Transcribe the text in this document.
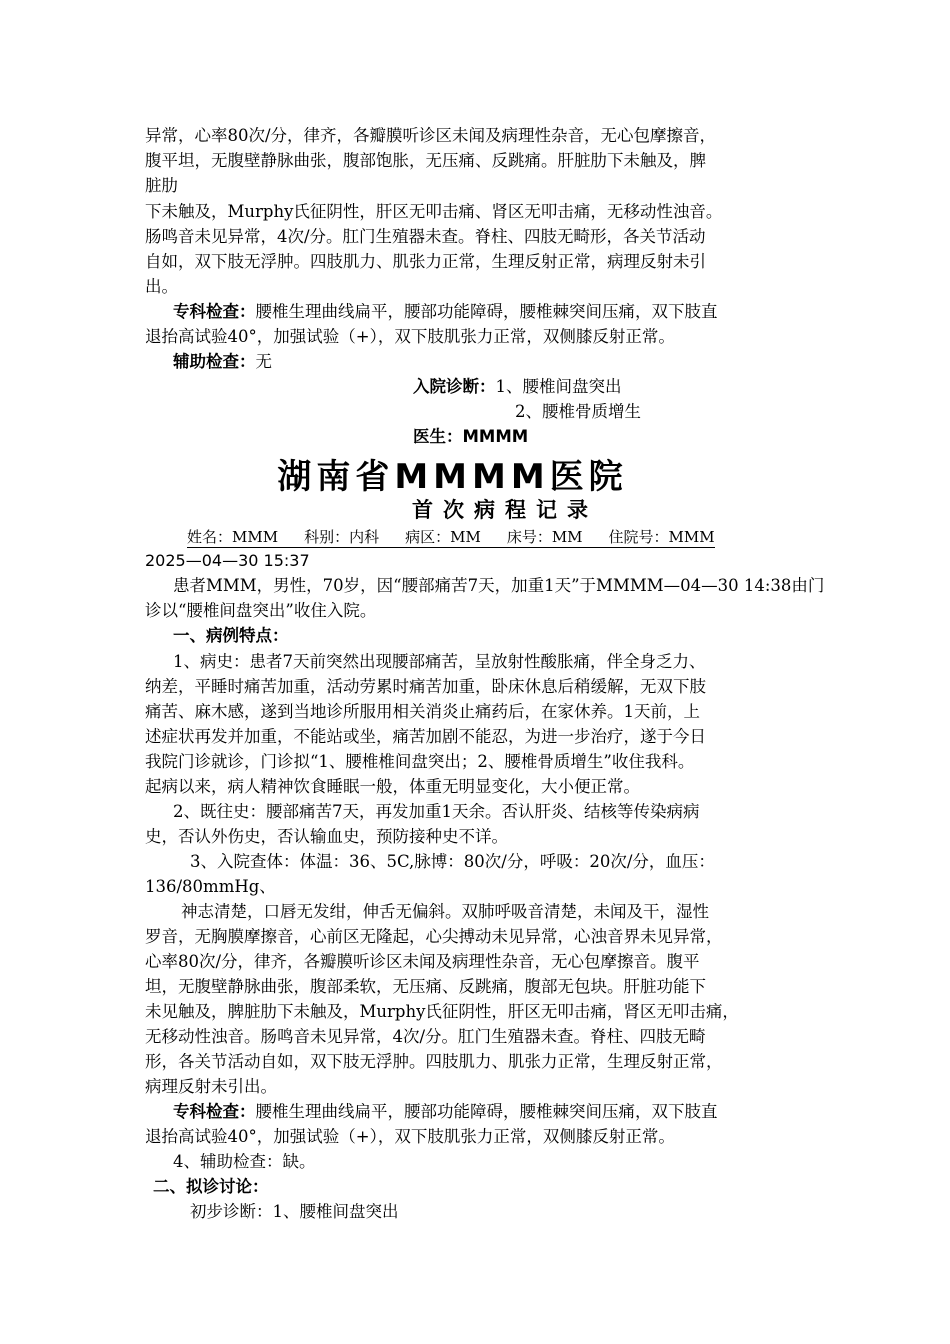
异常，心率80次/分，律齐，各瓣膜听诊区未闻及病理性杂音，无心包摩擦音，
腹平坦，无腹壁静脉曲张，腹部饱胀，无压痛、反跳痛。肝脏肋下未触及，脾
脏肋
下未触及，Murphy氏征阴性，肝区无叩击痛、肾区无叩击痛，无移动性浊音。
肠鸣音未见异常，4次/分。肛门生殖器未查。脊柱、四肢无畸形，各关节活动
自如，双下肢无浮肿。四肢肌力、肌张力正常，生理反射正常，病理反射未引
出。
专科检查：腰椎生理曲线扁平，腰部功能障碍，腰椎棘突间压痛，双下肢直
退抬高试验40°，加强试验（+），双下肢肌张力正常，双侧膝反射正常。
辅助检查：无
入院诊断：1、腰椎间盘突出
2、腰椎骨质增生
医生：MMMM
湖南省MMMM医院
首次病程记录
姓名：MMM 科别：内科 病区：MM 床号：MM 住院号：MMM
2025—04—30 15:37
患者MMM，男性，70岁，因“腰部痛苦7天，加重1天”于MMMM—04—30 14:38由门
诊以“腰椎间盘突出”收住入院。
一、病例特点：
1、病史：患者7天前突然出现腰部痛苦，呈放射性酸胀痛，伴全身乏力、
纳差，平睡时痛苦加重，活动劳累时痛苦加重，卧床休息后稍缓解，无双下肢
痛苦、麻木感，遂到当地诊所服用相关消炎止痛药后，在家休养。1天前，上
述症状再发并加重，不能站或坐，痛苦加剧不能忍，为进一步治疗，遂于今日
我院门诊就诊，门诊拟“1、腰椎椎间盘突出；2、腰椎骨质增生”收住我科。
起病以来，病人精神饮食睡眠一般，体重无明显变化，大小便正常。
2、既往史：腰部痛苦7天，再发加重1天余。否认肝炎、结核等传染病病
史，否认外伤史，否认输血史，预防接种史不详。
3、入院查体：体温：36、5C,脉博：80次/分，呼吸：20次/分，血压：
136/80mmHg、
神志清楚，口唇无发绀，伸舌无偏斜。双肺呼吸音清楚，未闻及干，湿性
罗音，无胸膜摩擦音，心前区无隆起，心尖搏动未见异常，心浊音界未见异常，
心率80次/分，律齐，各瓣膜听诊区未闻及病理性杂音，无心包摩擦音。腹平
坦，无腹壁静脉曲张，腹部柔软，无压痛、反跳痛，腹部无包块。肝脏功能下
未见触及，脾脏肋下未触及，Murphy氏征阴性，肝区无叩击痛，肾区无叩击痛，
无移动性浊音。肠鸣音未见异常，4次/分。肛门生殖器未查。脊柱、四肢无畸
形，各关节活动自如，双下肢无浮肿。四肢肌力、肌张力正常，生理反射正常，
病理反射未引出。
专科检查：腰椎生理曲线扁平，腰部功能障碍，腰椎棘突间压痛，双下肢直
退抬高试验40°，加强试验（+），双下肢肌张力正常，双侧膝反射正常。
4、辅助检查：缺。
二、拟诊讨论：
初步诊断：1、腰椎间盘突出
